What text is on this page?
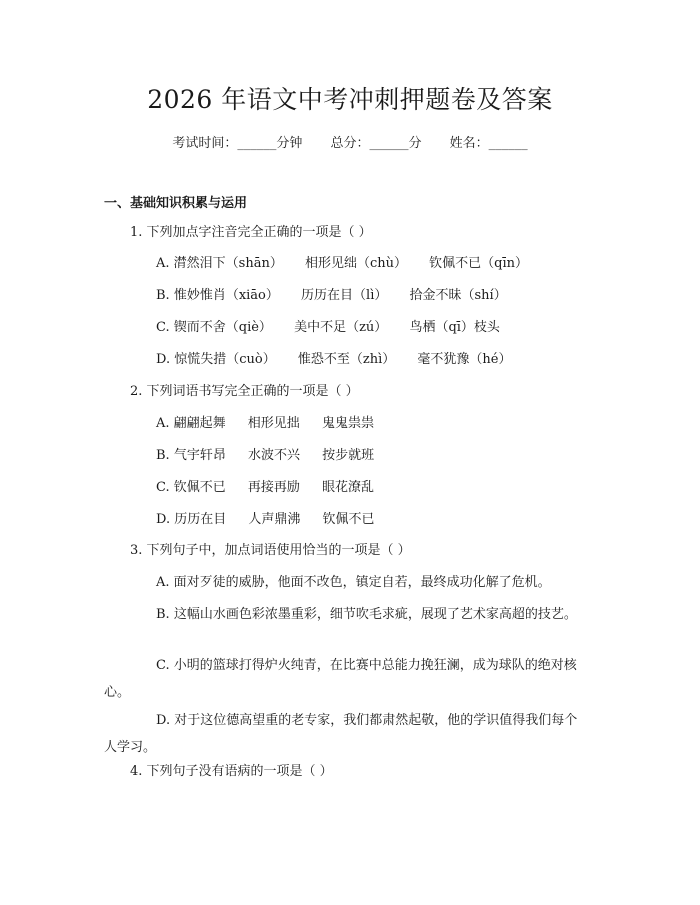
2026 年语文中考冲刺押题卷及答案
考试时间：______分钟 总分：______分 姓名：______
一、基础知识积累与运用
1. 下列加点字注音完全正确的一项是（ ）
A. 潸然泪下（shān） 相形见绌（chù） 钦佩不已（qīn）
B. 惟妙惟肖（xiāo） 历历在目（lì） 拾金不昧（shí）
C. 锲而不舍（qiè） 美中不足（zú） 鸟栖（qī）枝头
D. 惊慌失措（cuò） 惟恐不至（zhì） 毫不犹豫（hé）
2. 下列词语书写完全正确的一项是（ ）
A. 翩翩起舞 相形见拙 鬼鬼祟祟
B. 气宇轩昂 水波不兴 按步就班
C. 钦佩不已 再接再励 眼花潦乱
D. 历历在目 人声鼎沸 钦佩不已
3. 下列句子中，加点词语使用恰当的一项是（ ）
A. 面对歹徒的威胁，他面不改色，镇定自若，最终成功化解了危机。
B. 这幅山水画色彩浓墨重彩，细节吹毛求疵，展现了艺术家高超的技艺。
C. 小明的篮球打得炉火纯青，在比赛中总能力挽狂澜，成为球队的绝对核心。
D. 对于这位德高望重的老专家，我们都肃然起敬，他的学识值得我们每个人学习。
4. 下列句子没有语病的一项是（ ）
